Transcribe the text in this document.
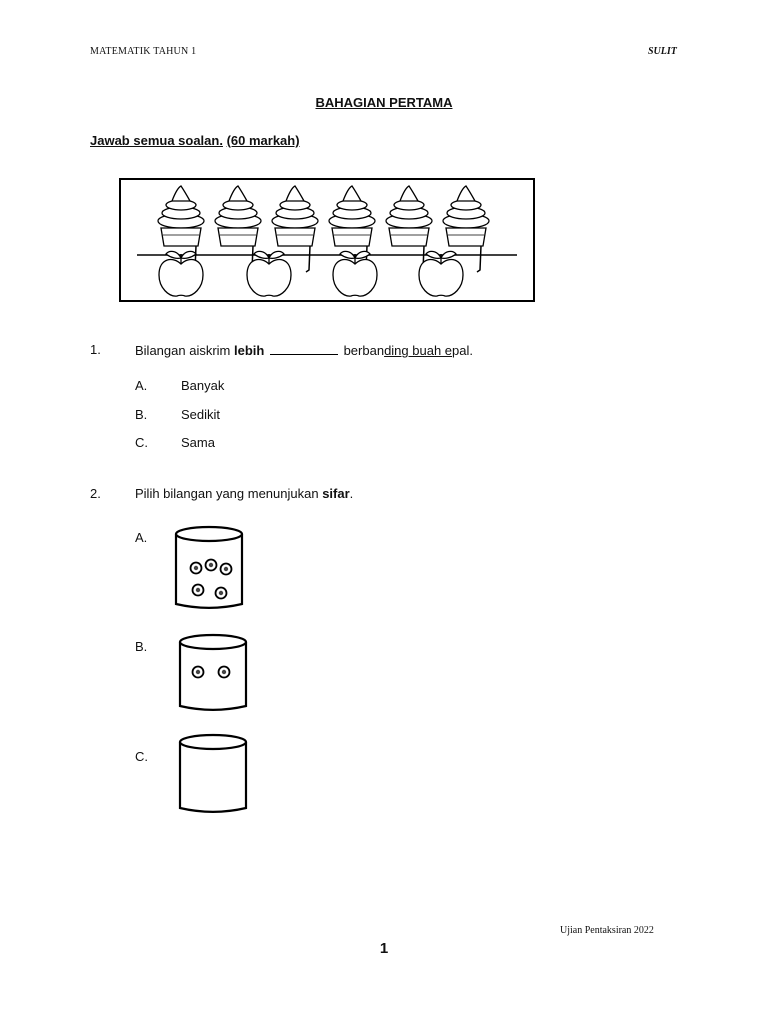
MATEMATIK TAHUN 1	SULIT
BAHAGIAN PERTAMA
Jawab semua soalan. (60 markah)
1.	Bilangan aiskrim lebih	berbanding buah epal.
A.	Banyak
B.	Sedikit
C.	Sama
2.	Pilih bilangan yang menunjukan sifar.
A.
B.
C.
Ujian Pentaksiran 2022
1
